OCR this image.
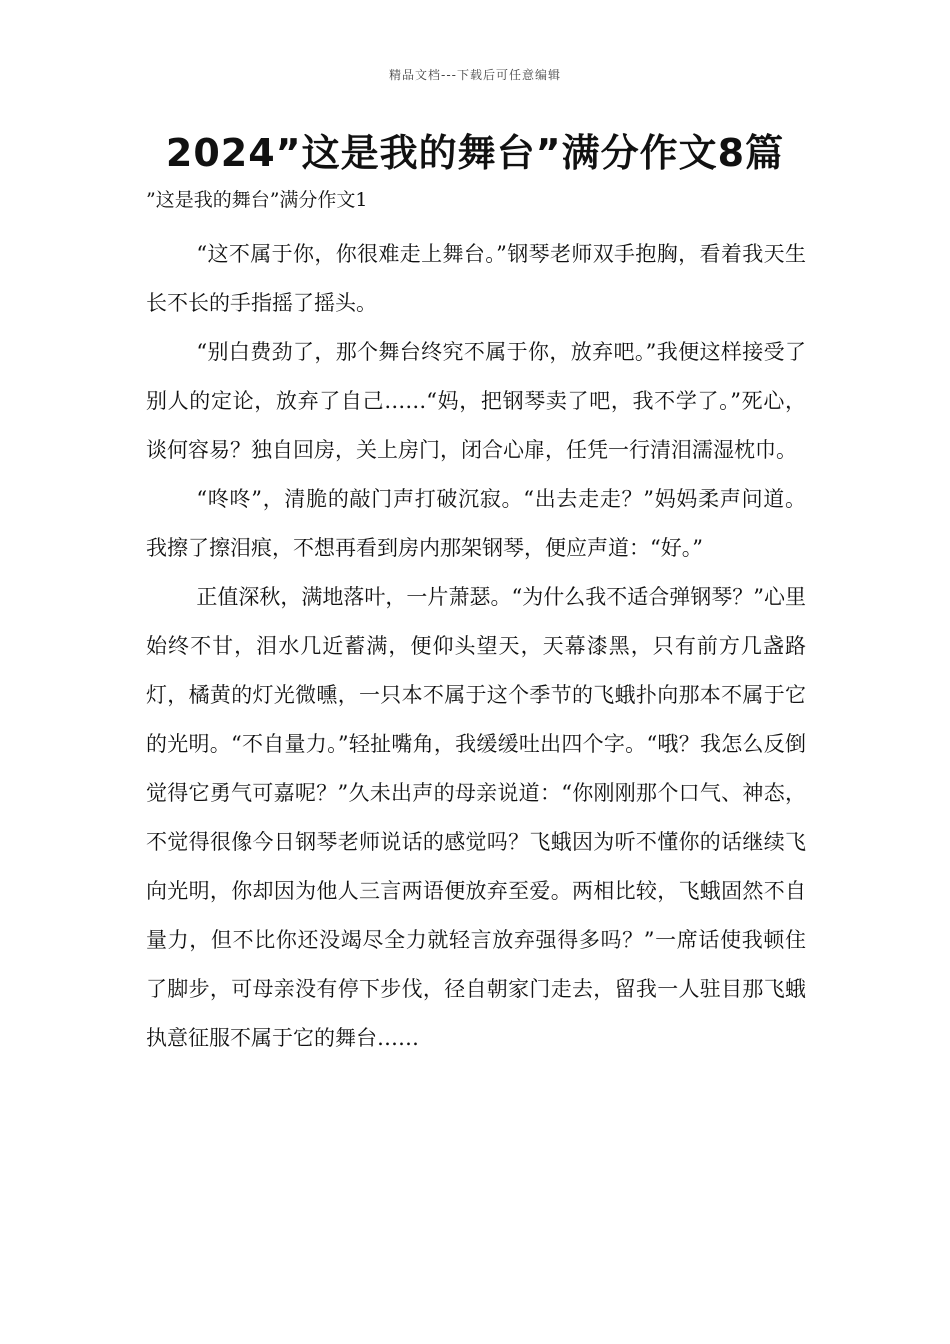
精品文档---下载后可任意编辑
2024”这是我的舞台”满分作文8篇
”这是我的舞台”满分作文1

“这不属于你，你很难走上舞台。”钢琴老师双手抱胸，看着我天生长不长的手指摇了摇头。

“别白费劲了，那个舞台终究不属于你，放弃吧。”我便这样接受了别人的定论，放弃了自己……“妈，把钢琴卖了吧，我不学了。”死心，谈何容易？独自回房，关上房门，闭合心扉，任凭一行清泪濡湿枕巾。

“咚咚”，清脆的敲门声打破沉寂。“出去走走？”妈妈柔声问道。我擦了擦泪痕，不想再看到房内那架钢琴，便应声道：“好。”

正值深秋，满地落叶，一片萧瑟。“为什么我不适合弹钢琴？”心里始终不甘，泪水几近蓄满，便仰头望天，天幕漆黑，只有前方几盏路灯，橘黄的灯光微曛，一只本不属于这个季节的飞蛾扑向那本不属于它的光明。“不自量力。”轻扯嘴角，我缓缓吐出四个字。“哦？我怎么反倒觉得它勇气可嘉呢？”久未出声的母亲说道：“你刚刚那个口气、神态，不觉得很像今日钢琴老师说话的感觉吗？飞蛾因为听不懂你的话继续飞向光明，你却因为他人三言两语便放弃至爱。两相比较，飞蛾固然不自量力，但不比你还没竭尽全力就轻言放弃强得多吗？”一席话使我顿住了脚步，可母亲没有停下步伐，径自朝家门走去，留我一人驻目那飞蛾执意征服不属于它的舞台……
